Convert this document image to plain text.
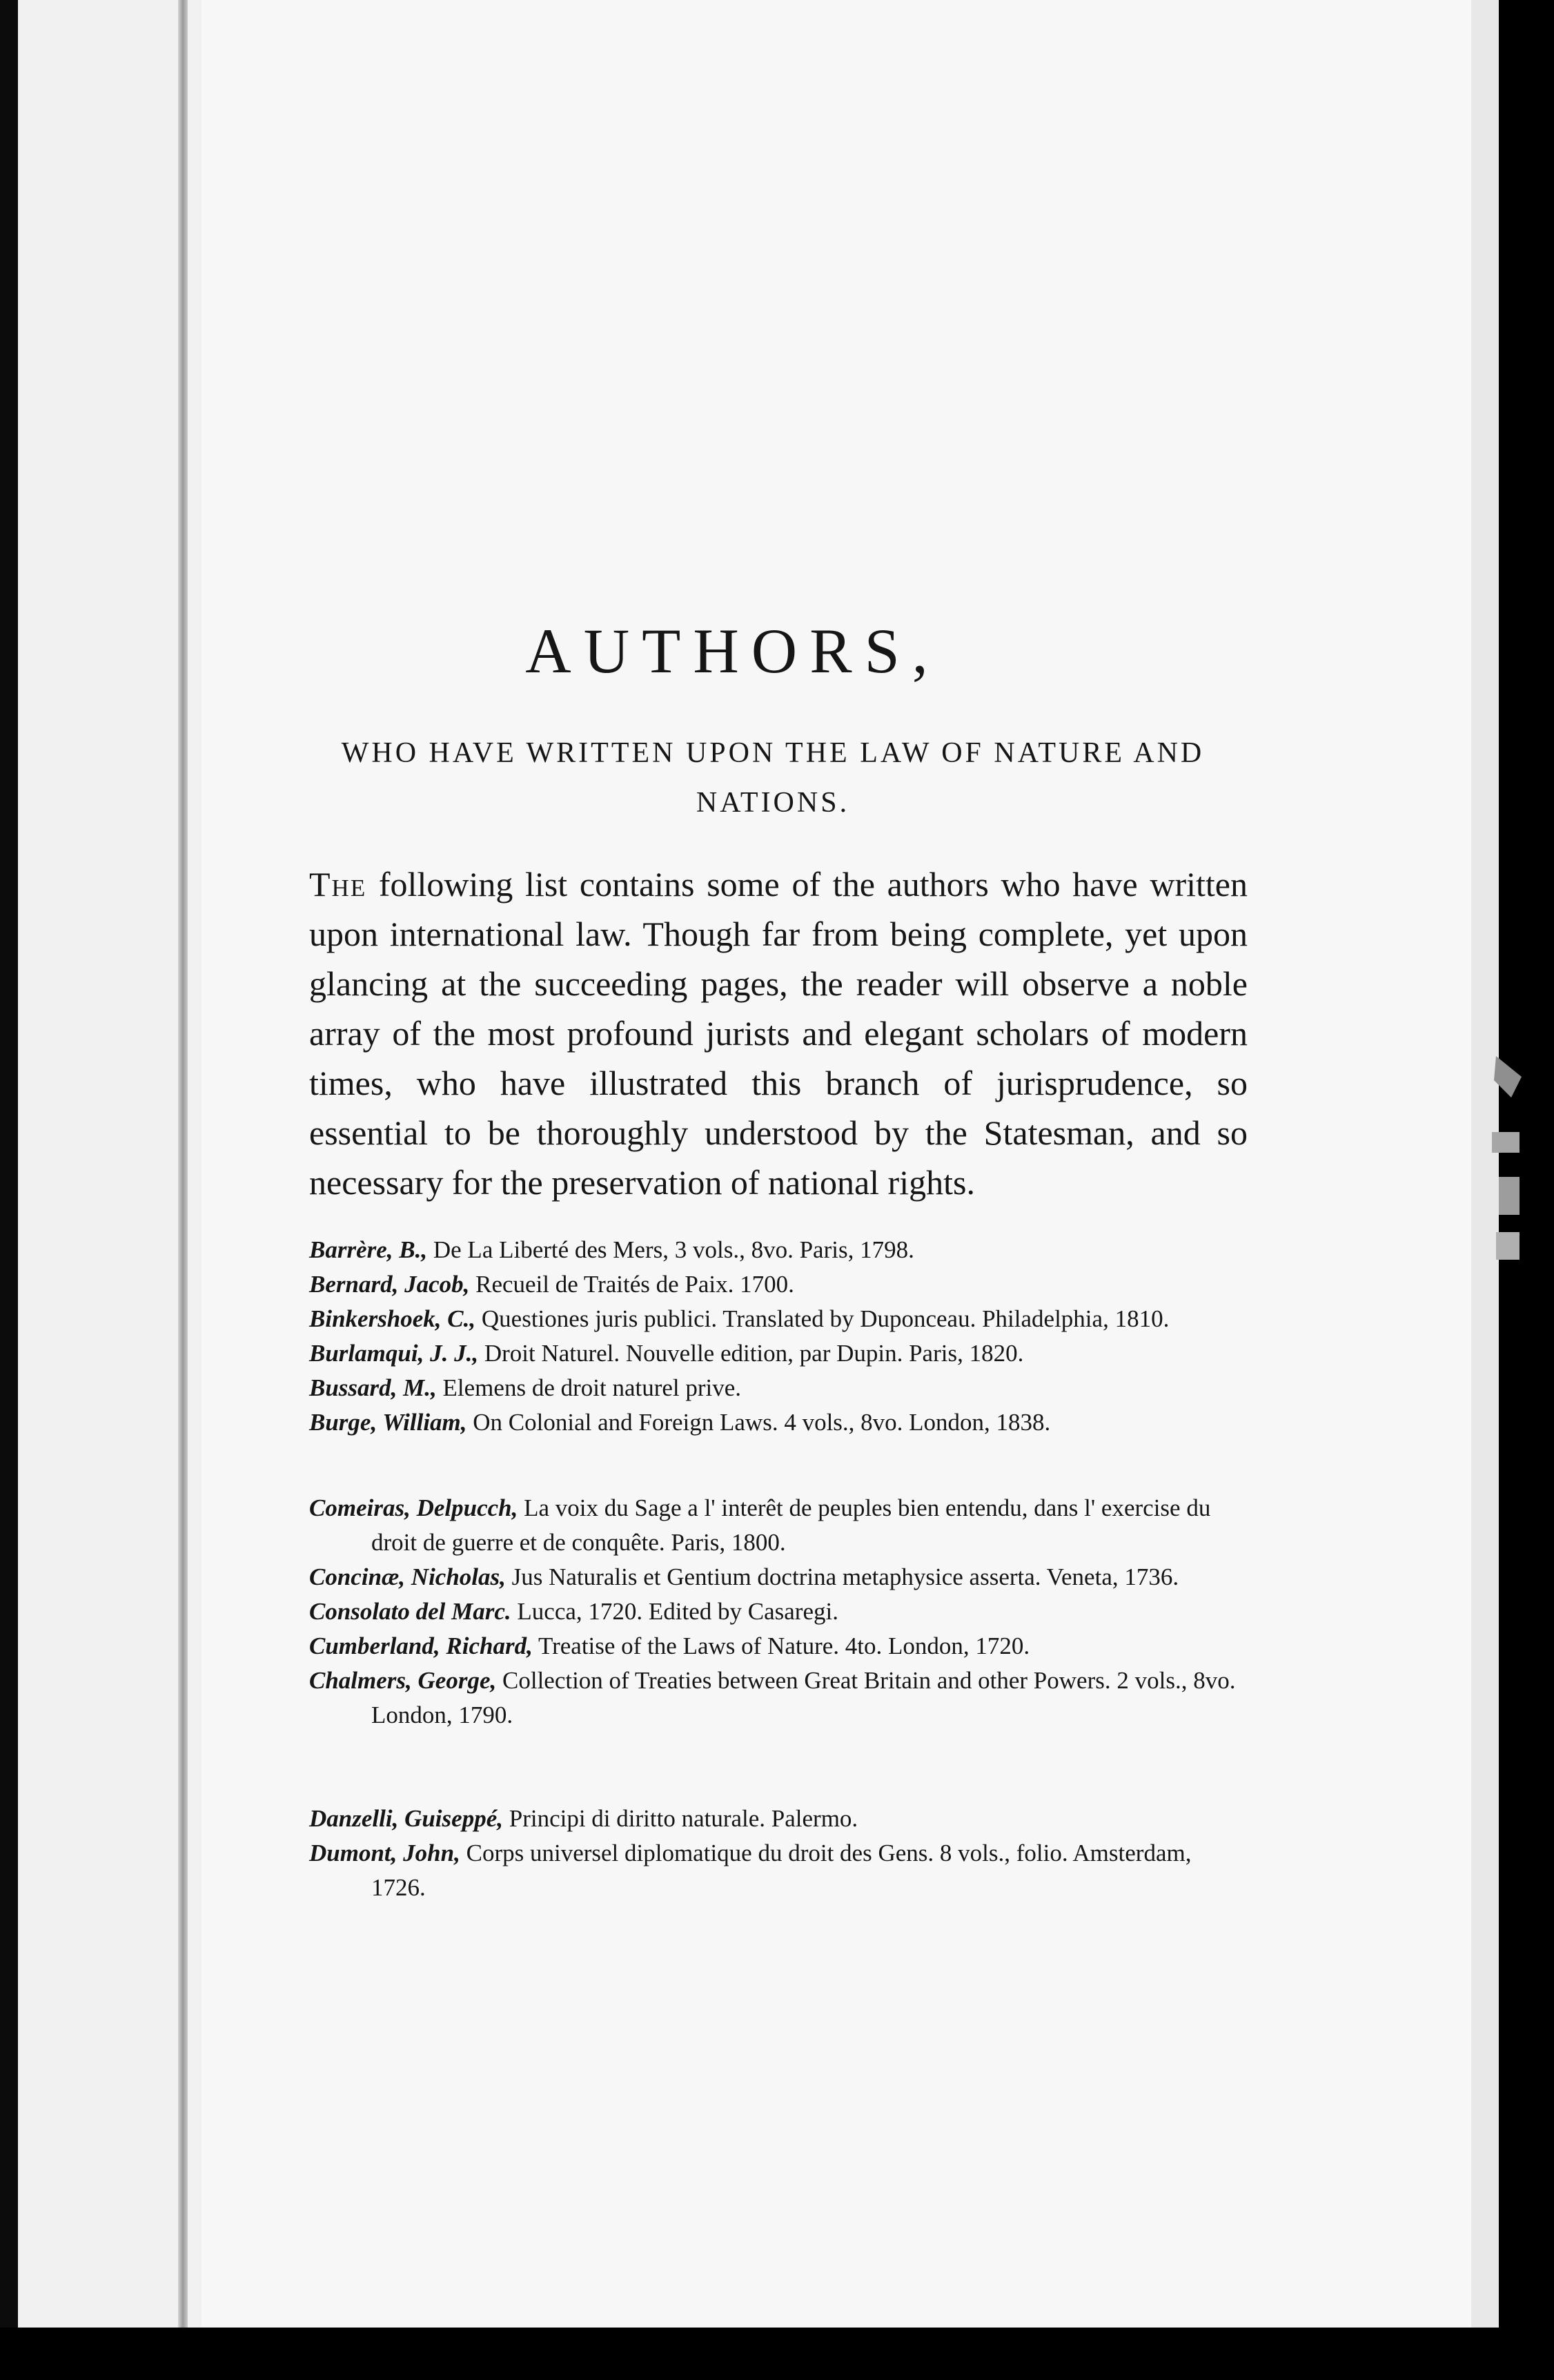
AUTHORS,
WHO HAVE WRITTEN UPON THE LAW OF NATURE AND NATIONS.

The following list contains some of the authors who have written upon international law. Though far from being complete, yet upon glancing at the succeeding pages, the reader will observe a noble array of the most profound jurists and elegant scholars of modern times, who have illustrated this branch of jurisprudence, so essential to be thoroughly understood by the Statesman, and so necessary for the preservation of national rights.

Barrère, B., De La Liberté des Mers, 3 vols., 8vo. Paris, 1798.
Bernard, Jacob, Recueil de Traités de Paix. 1700.
Binkershoek, C., Questiones juris publici. Translated by Duponceau. Philadelphia, 1810.
Burlamqui, J. J., Droit Naturel. Nouvelle edition, par Dupin. Paris, 1820.
Bussard, M., Elemens de droit naturel prive.
Burge, William, On Colonial and Foreign Laws. 4 vols., 8vo. London, 1838.
Comeiras, Delpucch, La voix du Sage a l' interêt de peuples bien entendu, dans l' exercise du droit de guerre et de conquête. Paris, 1800.
Concinæ, Nicholas, Jus Naturalis et Gentium doctrina metaphysice asserta. Veneta, 1736.
Consolato del Marc. Lucca, 1720. Edited by Casaregi.
Cumberland, Richard, Treatise of the Laws of Nature. 4to. London, 1720.
Chalmers, George, Collection of Treaties between Great Britain and other Powers. 2 vols., 8vo. London, 1790.
Danzelli, Guiseppé, Principi di diritto naturale. Palermo.
Dumont, John, Corps universel diplomatique du droit des Gens. 8 vols., folio. Amsterdam, 1726.
